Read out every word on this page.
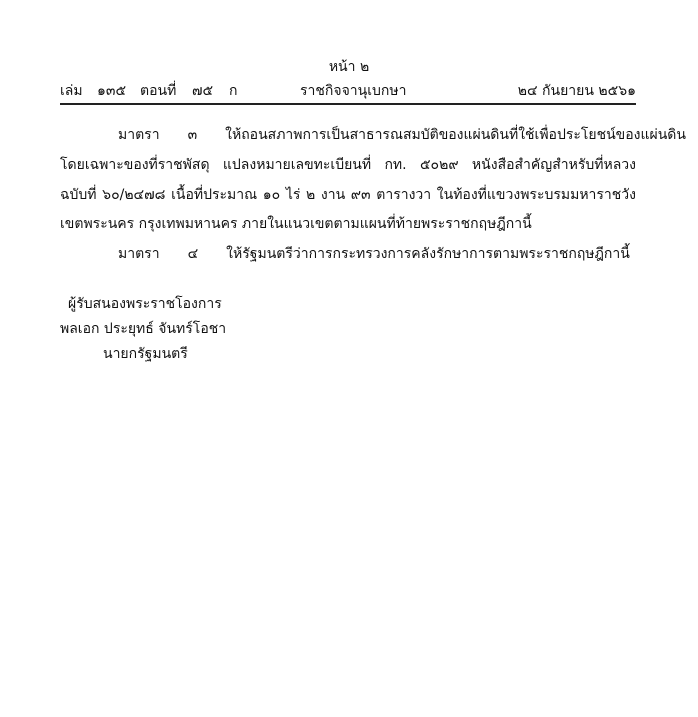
หน้า ๒
เล่ม ๑๓๕ ตอนที่ ๗๕ ก	ราชกิจจานุเบกษา	๒๔ กันยายน ๒๕๖๑
มาตรา ๓ ให้ถอนสภาพการเป็นสาธารณสมบัติของแผ่นดินที่ใช้เพื่อประโยชน์ของแผ่นดิน
โดยเฉพาะของที่ราชพัสดุ แปลงหมายเลขทะเบียนที่ กท. ๕๐๒๙ หนังสือสำคัญสำหรับที่หลวง
ฉบับที่ ๖๐/๒๔๗๘ เนื้อที่ประมาณ ๑๐ ไร่ ๒ งาน ๙๓ ตารางวา ในท้องที่แขวงพระบรมมหาราชวัง
เขตพระนคร กรุงเทพมหานคร ภายในแนวเขตตามแผนที่ท้ายพระราชกฤษฎีกานี้
มาตรา ๔ ให้รัฐมนตรีว่าการกระทรวงการคลังรักษาการตามพระราชกฤษฎีกานี้
ผู้รับสนองพระราชโองการ
พลเอก ประยุทธ์ จันทร์โอชา
นายกรัฐมนตรี
